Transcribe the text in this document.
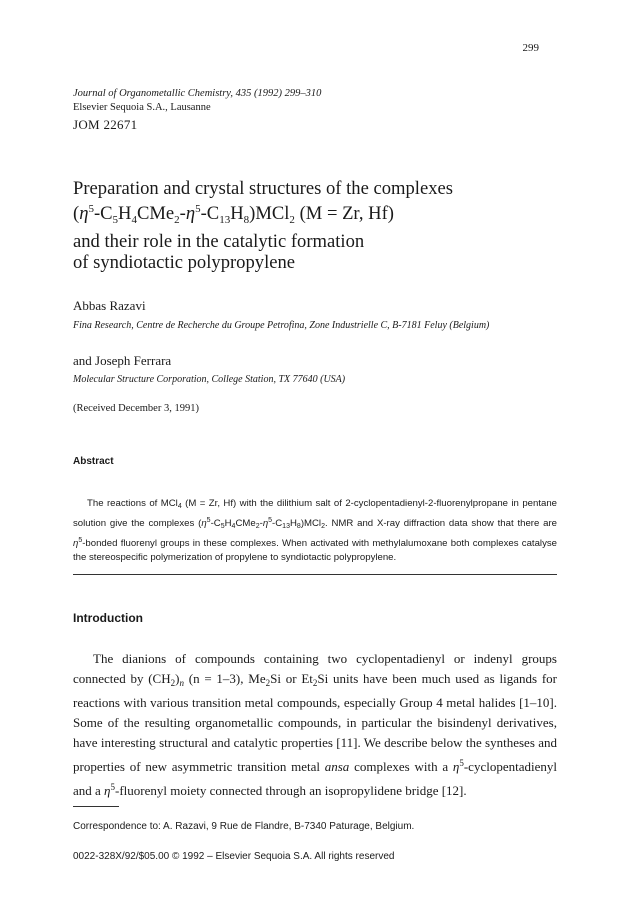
299
Journal of Organometallic Chemistry, 435 (1992) 299–310
Elsevier Sequoia S.A., Lausanne
JOM 22671
Preparation and crystal structures of the complexes
$(\eta^5-C_5H_4CMe_2-\eta^5-C_{13}H_8)MCl_2$ (M = Zr, Hf)
and their role in the catalytic formation
of syndiotactic polypropylene
Abbas Razavi
Fina Research, Centre de Recherche du Groupe Petrofina, Zone Industrielle C, B-7181 Feluy (Belgium)
and Joseph Ferrara
Molecular Structure Corporation, College Station, TX 77640 (USA)
(Received December 3, 1991)
Abstract
The reactions of MCl$_4$ (M = Zr, Hf) with the dilithium salt of 2-cyclopentadienyl-2-fluorenylpropane in pentane solution give the complexes $(\eta^5-C_5H_4CMe_2-\eta^5-C_{13}H_8)MCl_2$. NMR and X-ray diffraction data show that there are $\eta^5$-bonded fluorenyl groups in these complexes. When activated with methylalumoxane both complexes catalyse the stereospecific polymerization of propylene to syndiotactic polypropylene.
Introduction
The dianions of compounds containing two cyclopentadienyl or indenyl groups connected by $(CH_2)_n$ (n = 1–3), $Me_2Si$ or $Et_2Si$ units have been much used as ligands for reactions with various transition metal compounds, especially Group 4 metal halides [1–10]. Some of the resulting organometallic compounds, in particular the bisindenyl derivatives, have interesting structural and catalytic properties [11]. We describe below the syntheses and properties of new asymmetric transition metal ansa complexes with a $\eta^5$-cyclopentadienyl and a $\eta^5$-fluorenyl moiety connected through an isopropylidene bridge [12].
Correspondence to: A. Razavi, 9 Rue de Flandre, B-7340 Paturage, Belgium.
0022-328X/92/$05.00 © 1992 – Elsevier Sequoia S.A. All rights reserved
